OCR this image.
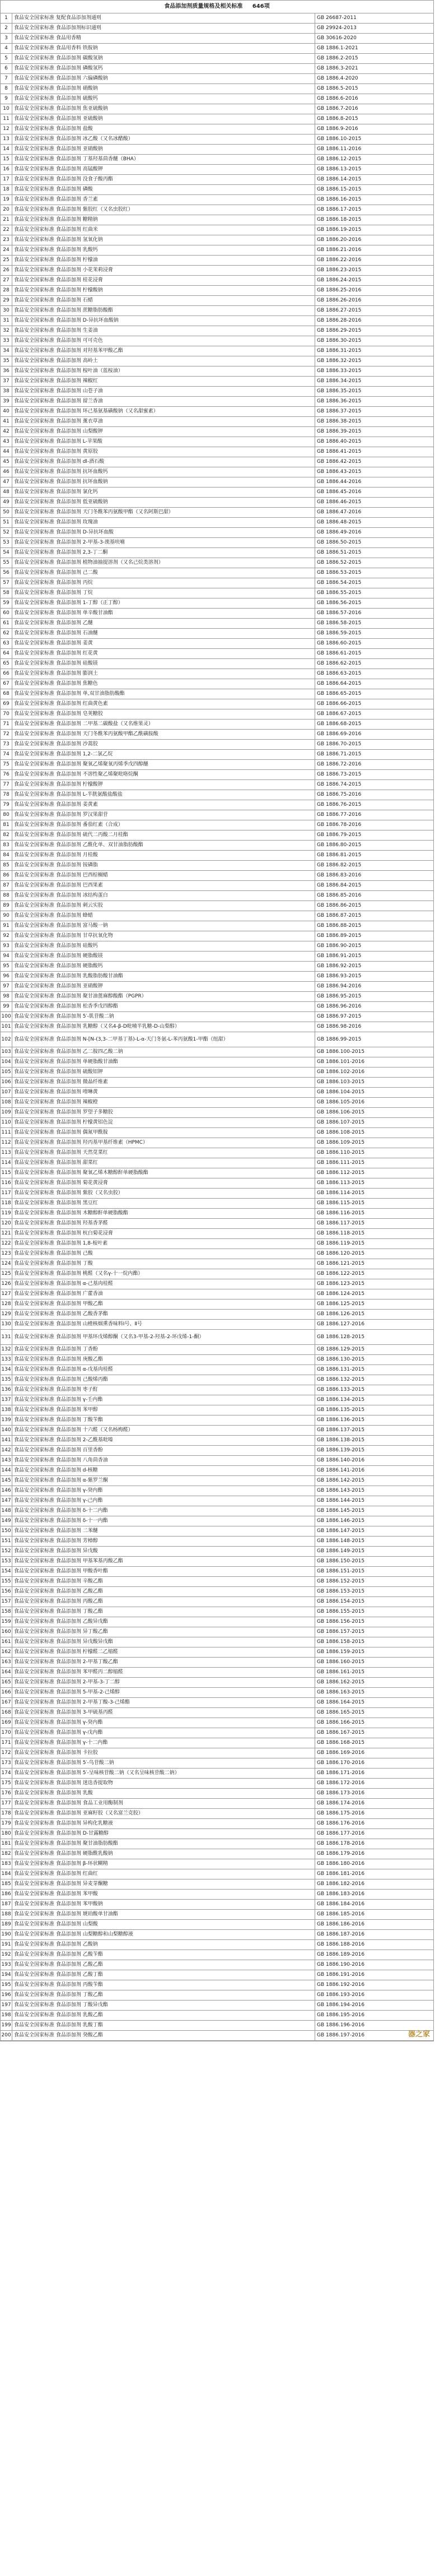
食品添加剂质量规格及相关标准 646项
1	食品安全国家标准 复配食品添加剂通则	GB 26687-2011
2	食品安全国家标准 食品添加剂标识通则	GB 29924-2013
3	食品安全国家标准 食品用香精	GB 30616-2020
4	食品安全国家标准 食品用香料 铁胺钠	GB 1886.1-2021
5	食品安全国家标准 食品添加剂 碳酸氢钠	GB 1886.2-2015
6	食品安全国家标准 食品添加剂 磷酸氢钙	GB 1886.3-2021
7	食品安全国家标准 食品添加剂 六偏磷酸钠	GB 1886.4-2020
8	食品安全国家标准 食品添加剂 硝酸钠	GB 1886.5-2015
9	食品安全国家标准 食品添加剂 硫酸钙	GB 1886.6-2016
10	食品安全国家标准 食品添加剂 焦亚硫酸钠	GB 1886.7-2016
11	食品安全国家标准 食品添加剂 亚硫酸钠	GB 1886.8-2015
12	食品安全国家标准 食品添加剂 盐酸	GB 1886.9-2016
13	食品安全国家标准 食品添加剂 冰乙酸（又名冰醋酸）	GB 1886.10-2015
14	食品安全国家标准 食品添加剂 亚硝酸钠	GB 1886.11-2016
15	食品安全国家标准 食品添加剂 丁基羟基茴香醚（BHA）	GB 1886.12-2015
16	食品安全国家标准 食品添加剂 高锰酸钾	GB 1886.13-2015
17	食品安全国家标准 食品添加剂 没食子酸丙酯	GB 1886.14-2015
18	食品安全国家标准 食品添加剂 磷酸	GB 1886.15-2015
19	食品安全国家标准 食品添加剂 香兰素	GB 1886.16-2015
20	食品安全国家标准 食品添加剂 紫胶红（又名虫胶红）	GB 1886.17-2015
21	食品安全国家标准 食品添加剂 糖精钠	GB 1886.18-2015
22	食品安全国家标准 食品添加剂 红曲米	GB 1886.19-2015
23	食品安全国家标准 食品添加剂 氢氧化钠	GB 1886.20-2016
24	食品安全国家标准 食品添加剂 乳酸钙	GB 1886.21-2016
25	食品安全国家标准 食品添加剂 柠檬油	GB 1886.22-2016
26	食品安全国家标准 食品添加剂 小花茉莉浸膏	GB 1886.23-2015
27	食品安全国家标准 食品添加剂 桂花浸膏	GB 1886.24-2015
28	食品安全国家标准 食品添加剂 柠檬酸钠	GB 1886.25-2016
29	食品安全国家标准 食品添加剂 石蜡	GB 1886.26-2016
30	食品安全国家标准 食品添加剂 蔗糖脂肪酸酯	GB 1886.27-2015
31	食品安全国家标准 食品添加剂 D-异抗坏血酸钠	GB 1886.28-2016
32	食品安全国家标准 食品添加剂 生姜油	GB 1886.29-2015
33	食品安全国家标准 食品添加剂 可可壳色	GB 1886.30-2015
34	食品安全国家标准 食品添加剂 对羟基苯甲酸乙酯	GB 1886.31-2015
35	食品安全国家标准 食品添加剂 高岭土	GB 1886.32-2015
36	食品安全国家标准 食品添加剂 桉叶油（蓝桉油）	GB 1886.33-2015
37	食品安全国家标准 食品添加剂 辣椒红	GB 1886.34-2015
38	食品安全国家标准 食品添加剂 山苍子油	GB 1886.35-2015
39	食品安全国家标准 食品添加剂 留兰香油	GB 1886.36-2015
40	食品安全国家标准 食品添加剂 环己基氨基磺酸钠（又名甜蜜素）	GB 1886.37-2015
41	食品安全国家标准 食品添加剂 薰衣草油	GB 1886.38-2015
42	食品安全国家标准 食品添加剂 山梨酸钾	GB 1886.39-2015
43	食品安全国家标准 食品添加剂 L-苹果酸	GB 1886.40-2015
44	食品安全国家标准 食品添加剂 黄原胶	GB 1886.41-2015
45	食品安全国家标准 食品添加剂 dl-酒石酸	GB 1886.42-2015
46	食品安全国家标准 食品添加剂 抗坏血酸钙	GB 1886.43-2015
47	食品安全国家标准 食品添加剂 抗坏血酸钠	GB 1886.44-2016
48	食品安全国家标准 食品添加剂 氯化钙	GB 1886.45-2016
49	食品安全国家标准 食品添加剂 低亚硫酸钠	GB 1886.46-2015
50	食品安全国家标准 食品添加剂 天门冬酰苯丙氨酸甲酯（又名阿斯巴甜）	GB 1886.47-2016
51	食品安全国家标准 食品添加剂 玫瑰油	GB 1886.48-2015
52	食品安全国家标准 食品添加剂 D-异抗坏血酸	GB 1886.49-2016
53	食品安全国家标准 食品添加剂 2-甲基-3-巯基呋喃	GB 1886.50-2015
54	食品安全国家标准 食品添加剂 2,3-丁二酮	GB 1886.51-2015
55	食品安全国家标准 食品添加剂 植物油抽提溶剂（又名己烷类溶剂）	GB 1886.52-2015
56	食品安全国家标准 食品添加剂 己二酸	GB 1886.53-2015
57	食品安全国家标准 食品添加剂 丙烷	GB 1886.54-2015
58	食品安全国家标准 食品添加剂 丁烷	GB 1886.55-2015
59	食品安全国家标准 食品添加剂 1-丁醇（正丁醇）	GB 1886.56-2015
60	食品安全国家标准 食品添加剂 单辛酸甘油酯	GB 1886.57-2016
61	食品安全国家标准 食品添加剂 乙醚	GB 1886.58-2015
62	食品安全国家标准 食品添加剂 石油醚	GB 1886.59-2015
63	食品安全国家标准 食品添加剂 姜黄	GB 1886.60-2015
64	食品安全国家标准 食品添加剂 红花黄	GB 1886.61-2015
65	食品安全国家标准 食品添加剂 硅酸镁	GB 1886.62-2015
66	食品安全国家标准 食品添加剂 膨润土	GB 1886.63-2015
67	食品安全国家标准 食品添加剂 焦糖色	GB 1886.64-2015
68	食品安全国家标准 食品添加剂 单,双甘油脂肪酸酯	GB 1886.65-2015
69	食品安全国家标准 食品添加剂 红曲黄色素	GB 1886.66-2015
70	食品安全国家标准 食品添加剂 皂荚糖胶	GB 1886.67-2015
71	食品安全国家标准 食品添加剂 二甲基二碳酸盐（又名维果灵）	GB 1886.68-2015
72	食品安全国家标准 食品添加剂 天门冬酰苯丙氨酸甲酯乙酰磺胺酸	GB 1886.69-2016
73	食品安全国家标准 食品添加剂 沙蒿胶	GB 1886.70-2015
74	食品安全国家标准 食品添加剂 1,2-二氯乙烷	GB 1886.71-2015
75	食品安全国家标准 食品添加剂 聚氧乙烯聚氧丙烯季戊四醇醚	GB 1886.72-2016
76	食品安全国家标准 食品添加剂 不溶性聚乙烯聚吡咯烷酮	GB 1886.73-2015
77	食品安全国家标准 食品添加剂 柠檬酸钾	GB 1886.74-2015
78	食品安全国家标准 食品添加剂 L-半胱氨酸盐酸盐	GB 1886.75-2016
79	食品安全国家标准 食品添加剂 姜黄素	GB 1886.76-2015
80	食品安全国家标准 食品添加剂 罗汉果甜苷	GB 1886.77-2016
81	食品安全国家标准 食品添加剂 番茄红素（合成）	GB 1886.78-2016
82	食品安全国家标准 食品添加剂 硫代二丙酸二月桂酯	GB 1886.79-2015
83	食品安全国家标准 食品添加剂 乙酰化单、双甘油脂肪酸酯	GB 1886.80-2015
84	食品安全国家标准 食品添加剂 月桂酸	GB 1886.81-2015
85	食品安全国家标准 食品添加剂 铵磷脂	GB 1886.82-2015
86	食品安全国家标准 食品添加剂 巴西棕榈蜡	GB 1886.83-2016
87	食品安全国家标准 食品添加剂 巴西果素	GB 1886.84-2015
88	食品安全国家标准 食品添加剂 冰结构蛋白	GB 1886.85-2016
89	食品安全国家标准 食品添加剂 刺云实胶	GB 1886.86-2015
90	食品安全国家标准 食品添加剂 蜂蜡	GB 1886.87-2015
91	食品安全国家标准 食品添加剂 富马酸一钠	GB 1886.88-2015
92	食品安全国家标准 食品添加剂 甘草抗氧化物	GB 1886.89-2015
93	食品安全国家标准 食品添加剂 硅酸钙	GB 1886.90-2015
94	食品安全国家标准 食品添加剂 硬脂酸镁	GB 1886.91-2015
95	食品安全国家标准 食品添加剂 硬脂酸钙	GB 1886.92-2015
96	食品安全国家标准 食品添加剂 乳酸脂肪酸甘油酯	GB 1886.93-2015
97	食品安全国家标准 食品添加剂 亚硝酸钾	GB 1886.94-2016
98	食品安全国家标准 食品添加剂 聚甘油蓖麻醇酸酯（PGPR）	GB 1886.95-2015
99	食品安全国家标准 食品添加剂 松香季戊四醇酯	GB 1886.96-2016
100	食品安全国家标准 食品添加剂 5′-肌苷酸二钠	GB 1886.97-2015
101	食品安全国家标准 食品添加剂 乳糖醇（又名4-β-D吡喃半乳糖-D-山梨醇）	GB 1886.98-2016
102	食品安全国家标准 食品添加剂 N-[N-(3,3-二甲基丁基)-L-α-天门冬氨-L-苯丙氨酸1-甲酯（纽甜）	GB 1886.99-2015
103	食品安全国家标准 食品添加剂 乙二胺四乙酸二钠	GB 1886.100-2015
104	食品安全国家标准 食品添加剂 单硬脂酸甘油酯	GB 1886.101-2016
105	食品安全国家标准 食品添加剂 硫酸铝钾	GB 1886.102-2016
106	食品安全国家标准 食品添加剂 微晶纤维素	GB 1886.103-2015
107	食品安全国家标准 食品添加剂 喹啉黄	GB 1886.104-2015
108	食品安全国家标准 食品添加剂 辣椒橙	GB 1886.105-2016
109	食品安全国家标准 食品添加剂 罗望子多糖胶	GB 1886.106-2015
110	食品安全国家标准 食品添加剂 柠檬黄铝色淀	GB 1886.107-2015
111	食品安全国家标准 食品添加剂 偶氮甲酰胺	GB 1886.108-2015
112	食品安全国家标准 食品添加剂 羟丙基甲基纤维素（HPMC）	GB 1886.109-2015
113	食品安全国家标准 食品添加剂 天然苋菜红	GB 1886.110-2015
114	食品安全国家标准 食品添加剂 甜菜红	GB 1886.111-2015
115	食品安全国家标准 食品添加剂 聚氧乙烯木糖醇酐单硬脂酸酯	GB 1886.112-2015
116	食品安全国家标准 食品添加剂 菊花黄浸膏	GB 1886.113-2015
117	食品安全国家标准 食品添加剂 紫胶（又名虫胶）	GB 1886.114-2015
118	食品安全国家标准 食品添加剂 黑豆红	GB 1886.115-2015
119	食品安全国家标准 食品添加剂 木糖醇酐单硬脂酸酯	GB 1886.116-2015
120	食品安全国家标准 食品添加剂 羟基香茅醛	GB 1886.117-2015
121	食品安全国家标准 食品添加剂 杭白菊花浸膏	GB 1886.118-2015
122	食品安全国家标准 食品添加剂 1,8-桉叶素	GB 1886.119-2015
123	食品安全国家标准 食品添加剂 己酸	GB 1886.120-2015
124	食品安全国家标准 食品添加剂 丁酸	GB 1886.121-2015
125	食品安全国家标准 食品添加剂 桃醛（又名γ-十一烷内酯）	GB 1886.122-2015
126	食品安全国家标准 食品添加剂 α-己基肉桂醛	GB 1886.123-2015
127	食品安全国家标准 食品添加剂 广藿香油	GB 1886.124-2015
128	食品安全国家标准 食品添加剂 甲酸乙酯	GB 1886.125-2015
129	食品安全国家标准 食品添加剂 乙酸香茅酯	GB 1886.126-2015
130	食品安全国家标准 食品添加剂 山楂核烟熏香味料Ⅰ号、Ⅱ号	GB 1886.127-2016
131	食品安全国家标准 食品添加剂 甲基环戊烯醇酮（又名3-甲基-2-羟基-2-环戊烯-1-酮）	GB 1886.128-2015
132	食品安全国家标准 食品添加剂 丁香酚	GB 1886.129-2015
133	食品安全国家标准 食品添加剂 庚酸乙酯	GB 1886.130-2015
134	食品安全国家标准 食品添加剂 α-戊基肉桂醛	GB 1886.131-2015
135	食品安全国家标准 食品添加剂 己酸烯丙酯	GB 1886.132-2015
136	食品安全国家标准 食品添加剂 枣子酊	GB 1886.133-2015
137	食品安全国家标准 食品添加剂 γ-壬内酯	GB 1886.134-2015
138	食品安全国家标准 食品添加剂 苯甲醇	GB 1886.135-2015
139	食品安全国家标准 食品添加剂 丁酸苄酯	GB 1886.136-2015
140	食品安全国家标准 食品添加剂 十六醛（又名杨梅醛）	GB 1886.137-2015
141	食品安全国家标准 食品添加剂 2-乙酰基吡嗪	GB 1886.138-2015
142	食品安全国家标准 食品添加剂 百里香酚	GB 1886.139-2015
143	食品安全国家标准 食品添加剂 八角茴香油	GB 1886.140-2016
144	食品安全国家标准 食品添加剂 d-核糖	GB 1886.141-2016
145	食品安全国家标准 食品添加剂 α-紫罗兰酮	GB 1886.142-2015
146	食品安全国家标准 食品添加剂 γ-癸内酯	GB 1886.143-2015
147	食品安全国家标准 食品添加剂 γ-己内酯	GB 1886.144-2015
148	食品安全国家标准 食品添加剂 δ-十二内酯	GB 1886.145-2015
149	食品安全国家标准 食品添加剂 δ-十一内酯	GB 1886.146-2015
150	食品安全国家标准 食品添加剂 二苯醚	GB 1886.147-2015
151	食品安全国家标准 食品添加剂 芳樟醇	GB 1886.148-2015
152	食品安全国家标准 食品添加剂 异戊酸	GB 1886.149-2015
153	食品安全国家标准 食品添加剂 甲基苯基丙酸乙酯	GB 1886.150-2015
154	食品安全国家标准 食品添加剂 甲酸香叶酯	GB 1886.151-2015
155	食品安全国家标准 食品添加剂 辛酸乙酯	GB 1886.152-2015
156	食品安全国家标准 食品添加剂 乙酸乙酯	GB 1886.153-2015
157	食品安全国家标准 食品添加剂 丙酸乙酯	GB 1886.154-2015
158	食品安全国家标准 食品添加剂 丁酸乙酯	GB 1886.155-2015
159	食品安全国家标准 食品添加剂 乙酸异戊酯	GB 1886.156-2015
160	食品安全国家标准 食品添加剂 异丁酸乙酯	GB 1886.157-2015
161	食品安全国家标准 食品添加剂 异戊酸异戊酯	GB 1886.158-2015
162	食品安全国家标准 食品添加剂 柠檬醛二乙缩醛	GB 1886.159-2015
163	食品安全国家标准 食品添加剂 2-甲基丁酸乙酯	GB 1886.160-2015
164	食品安全国家标准 食品添加剂 苯甲醛丙二醇缩醛	GB 1886.161-2015
165	食品安全国家标准 食品添加剂 2-甲基-3-丁二醇	GB 1886.162-2015
166	食品安全国家标准 食品添加剂 5-甲基-2-己烯醇	GB 1886.163-2015
167	食品安全国家标准 食品添加剂 2-甲基丁酸-3-己烯酯	GB 1886.164-2015
168	食品安全国家标准 食品添加剂 3-甲硫基丙醛	GB 1886.165-2015
169	食品安全国家标准 食品添加剂 γ-癸内酯	GB 1886.166-2015
170	食品安全国家标准 食品添加剂 γ-戊内酯	GB 1886.167-2015
171	食品安全国家标准 食品添加剂 γ-十二内酯	GB 1886.168-2015
172	食品安全国家标准 食品添加剂 卡拉胶	GB 1886.169-2016
173	食品安全国家标准 食品添加剂 5′-鸟苷酸二钠	GB 1886.170-2016
174	食品安全国家标准 食品添加剂 5′-呈味核苷酸二钠（又名呈味核苷酸二钠）	GB 1886.171-2016
175	食品安全国家标准 食品添加剂 迷迭香提取物	GB 1886.172-2016
176	食品安全国家标准 食品添加剂 乳酸	GB 1886.173-2016
177	食品安全国家标准 食品添加剂 食品工业用酶制剂	GB 1886.174-2016
178	食品安全国家标准 食品添加剂 亚麻籽胶（又名富兰克胶）	GB 1886.175-2016
179	食品安全国家标准 食品添加剂 异构化乳糖液	GB 1886.176-2016
180	食品安全国家标准 食品添加剂 D-甘露糖醇	GB 1886.177-2016
181	食品安全国家标准 食品添加剂 聚甘油脂肪酸酯	GB 1886.178-2016
182	食品安全国家标准 食品添加剂 硬脂酰乳酸钠	GB 1886.179-2016
183	食品安全国家标准 食品添加剂 β-环状糊精	GB 1886.180-2016
184	食品安全国家标准 食品添加剂 红曲红	GB 1886.181-2016
185	食品安全国家标准 食品添加剂 异麦芽酮糖	GB 1886.182-2016
186	食品安全国家标准 食品添加剂 苯甲酸	GB 1886.183-2016
187	食品安全国家标准 食品添加剂 苯甲酸钠	GB 1886.184-2016
188	食品安全国家标准 食品添加剂 琥珀酸单甘油酯	GB 1886.185-2016
189	食品安全国家标准 食品添加剂 山梨酸	GB 1886.186-2016
190	食品安全国家标准 食品添加剂 山梨糖醇和山梨糖醇液	GB 1886.187-2016
191	食品安全国家标准 食品添加剂 乙酸钠	GB 1886.188-2016
192	食品安全国家标准 食品添加剂 乙酸苄酯	GB 1886.189-2016
193	食品安全国家标准 食品添加剂 乙酸乙酯	GB 1886.190-2016
194	食品安全国家标准 食品添加剂 乙酸丁酯	GB 1886.191-2016
195	食品安全国家标准 食品添加剂 丙酸苄酯	GB 1886.192-2016
196	食品安全国家标准 食品添加剂 丁酸乙酯	GB 1886.193-2016
197	食品安全国家标准 食品添加剂 丁酸异戊酯	GB 1886.194-2016
198	食品安全国家标准 食品添加剂 乳酸乙酯	GB 1886.195-2016
199	食品安全国家标准 食品添加剂 乳酸丁酯	GB 1886.196-2016
200	食品安全国家标准 食品添加剂 癸酸乙酯	GB 1886.197-2016	器之家
